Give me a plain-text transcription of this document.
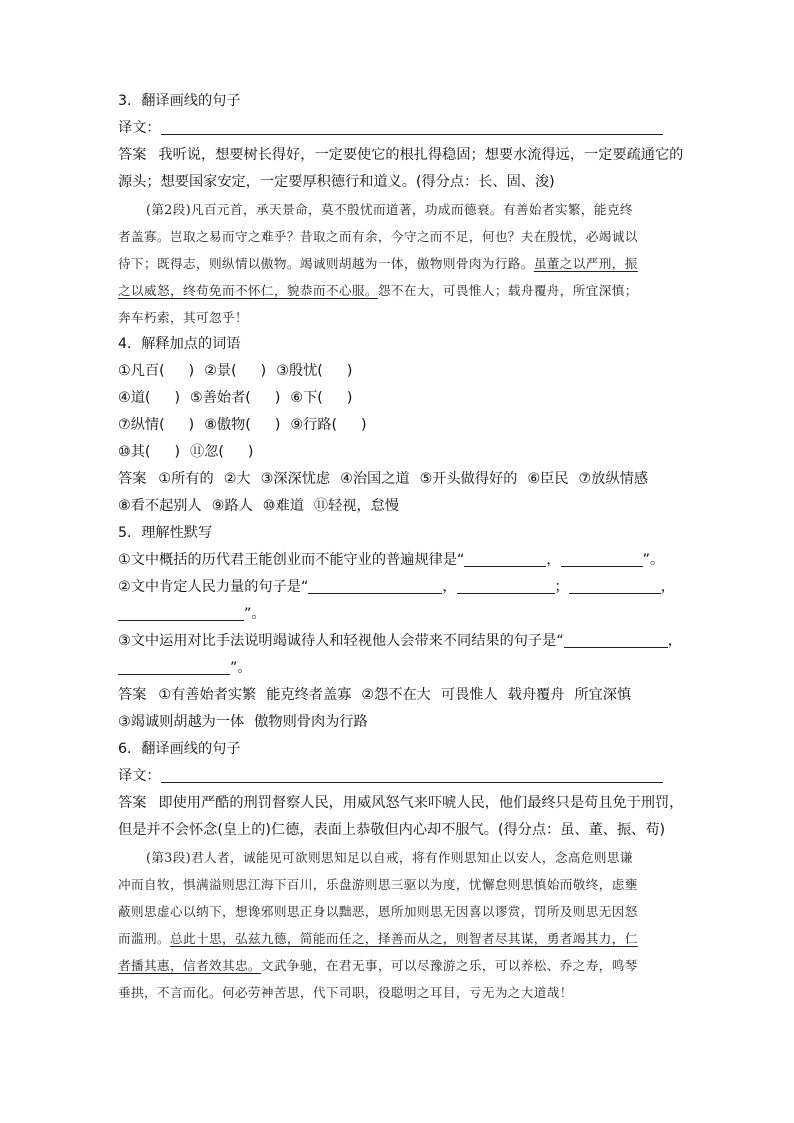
3．翻译画线的句子
译文：
答案 我听说，想要树长得好，一定要使它的根扎得稳固；想要水流得远，一定要疏通它的
源头；想要国家安定，一定要厚积德行和道义。(得分点：长、固、浚)
(第2段)凡百元首，承天景命，莫不殷忧而道著，功成而德衰。有善始者实繁，能克终
者盖寡。岂取之易而守之难乎？昔取之而有余，今守之而不足，何也？夫在殷忧，必竭诚以
待下；既得志，则纵情以傲物。竭诚则胡越为一体，傲物则骨肉为行路。虽董之以严刑，振
之以威怒，终苟免而不怀仁，貌恭而不心服。怨不在大，可畏惟人；载舟覆舟，所宜深慎；
奔车朽索，其可忽乎！
4．解释加点的词语
①凡百( ) ②景( ) ③殷忧( )
④道( ) ⑤善始者( ) ⑥下( )
⑦纵情( ) ⑧傲物( ) ⑨行路( )
⑩其( ) ⑪忽( )
答案 ①所有的 ②大 ③深深忧虑 ④治国之道 ⑤开头做得好的 ⑥臣民 ⑦放纵情感
⑧看不起别人 ⑨路人 ⑩难道 ⑪轻视，怠慢
5．理解性默写
①文中概括的历代君王能创业而不能守业的普遍规律是“	，	”。
②文中肯定人民力量的句子是“	，	；	，
”。
③文中运用对比手法说明竭诚待人和轻视他人会带来不同结果的句子是“	，
”。
答案 ①有善始者实繁 能克终者盖寡 ②怨不在大 可畏惟人 载舟覆舟 所宜深慎
③竭诚则胡越为一体 傲物则骨肉为行路
6．翻译画线的句子
译文：
答案 即使用严酷的刑罚督察人民，用威风怒气来吓唬人民，他们最终只是苟且免于刑罚，
但是并不会怀念(皇上的)仁德，表面上恭敬但内心却不服气。(得分点：虽、董、振、苟)
(第3段)君人者，诚能见可欲则思知足以自戒，将有作则思知止以安人，念高危则思谦
冲而自牧，惧满溢则思江海下百川，乐盘游则思三驱以为度，忧懈怠则思慎始而敬终，虑壅
蔽则思虚心以纳下，想谗邪则思正身以黜恶，恩所加则思无因喜以谬赏，罚所及则思无因怒
而滥刑。总此十思，弘兹九德，简能而任之，择善而从之，则智者尽其谋，勇者竭其力，仁
者播其惠，信者效其忠。文武争驰，在君无事，可以尽豫游之乐，可以养松、乔之寿，鸣琴
垂拱，不言而化。何必劳神苦思，代下司职，役聪明之耳目，亏无为之大道哉！
